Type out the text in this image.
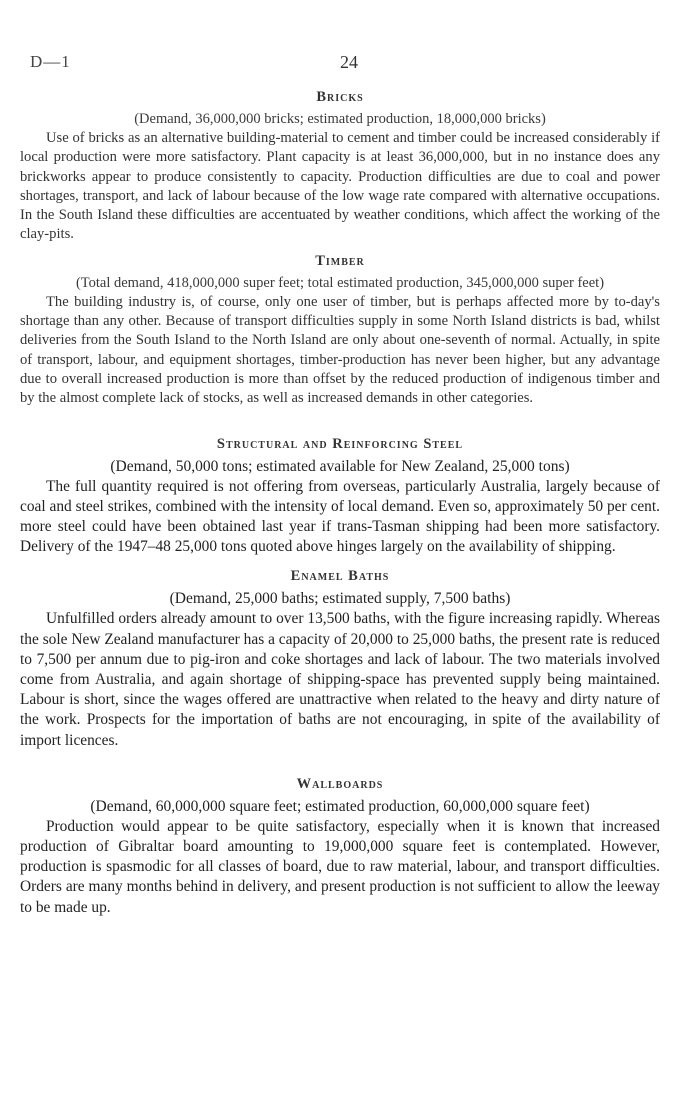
D—1	24
Bricks

(Demand, 36,000,000 bricks; estimated production, 18,000,000 bricks)

Use of bricks as an alternative building-material to cement and timber could be increased considerably if local production were more satisfactory. Plant capacity is at least 36,000,000, but in no instance does any brickworks appear to produce consistently to capacity. Production difficulties are due to coal and power shortages, transport, and lack of labour because of the low wage rate compared with alternative occupations. In the South Island these difficulties are accentuated by weather conditions, which affect the working of the clay-pits.

Timber

(Total demand, 418,000,000 super feet; total estimated production, 345,000,000 super feet)

The building industry is, of course, only one user of timber, but is perhaps affected more by to-day's shortage than any other. Because of transport difficulties supply in some North Island districts is bad, whilst deliveries from the South Island to the North Island are only about one-seventh of normal. Actually, in spite of transport, labour, and equipment shortages, timber-production has never been higher, but any advantage due to overall increased production is more than offset by the reduced production of indigenous timber and by the almost complete lack of stocks, as well as increased demands in other categories.

Structural and Reinforcing Steel

(Demand, 50,000 tons; estimated available for New Zealand, 25,000 tons)

The full quantity required is not offering from overseas, particularly Australia, largely because of coal and steel strikes, combined with the intensity of local demand. Even so, approximately 50 per cent. more steel could have been obtained last year if trans-Tasman shipping had been more satisfactory. Delivery of the 1947–48 25,000 tons quoted above hinges largely on the availability of shipping.

Enamel Baths

(Demand, 25,000 baths; estimated supply, 7,500 baths)

Unfulfilled orders already amount to over 13,500 baths, with the figure increasing rapidly. Whereas the sole New Zealand manufacturer has a capacity of 20,000 to 25,000 baths, the present rate is reduced to 7,500 per annum due to pig-iron and coke shortages and lack of labour. The two materials involved come from Australia, and again shortage of shipping-space has prevented supply being maintained. Labour is short, since the wages offered are unattractive when related to the heavy and dirty nature of the work. Prospects for the importation of baths are not encouraging, in spite of the availability of import licences.

Wallboards

(Demand, 60,000,000 square feet; estimated production, 60,000,000 square feet)

Production would appear to be quite satisfactory, especially when it is known that increased production of Gibraltar board amounting to 19,000,000 square feet is contemplated. However, production is spasmodic for all classes of board, due to raw material, labour, and transport difficulties. Orders are many months behind in delivery, and present production is not sufficient to allow the leeway to be made up.
